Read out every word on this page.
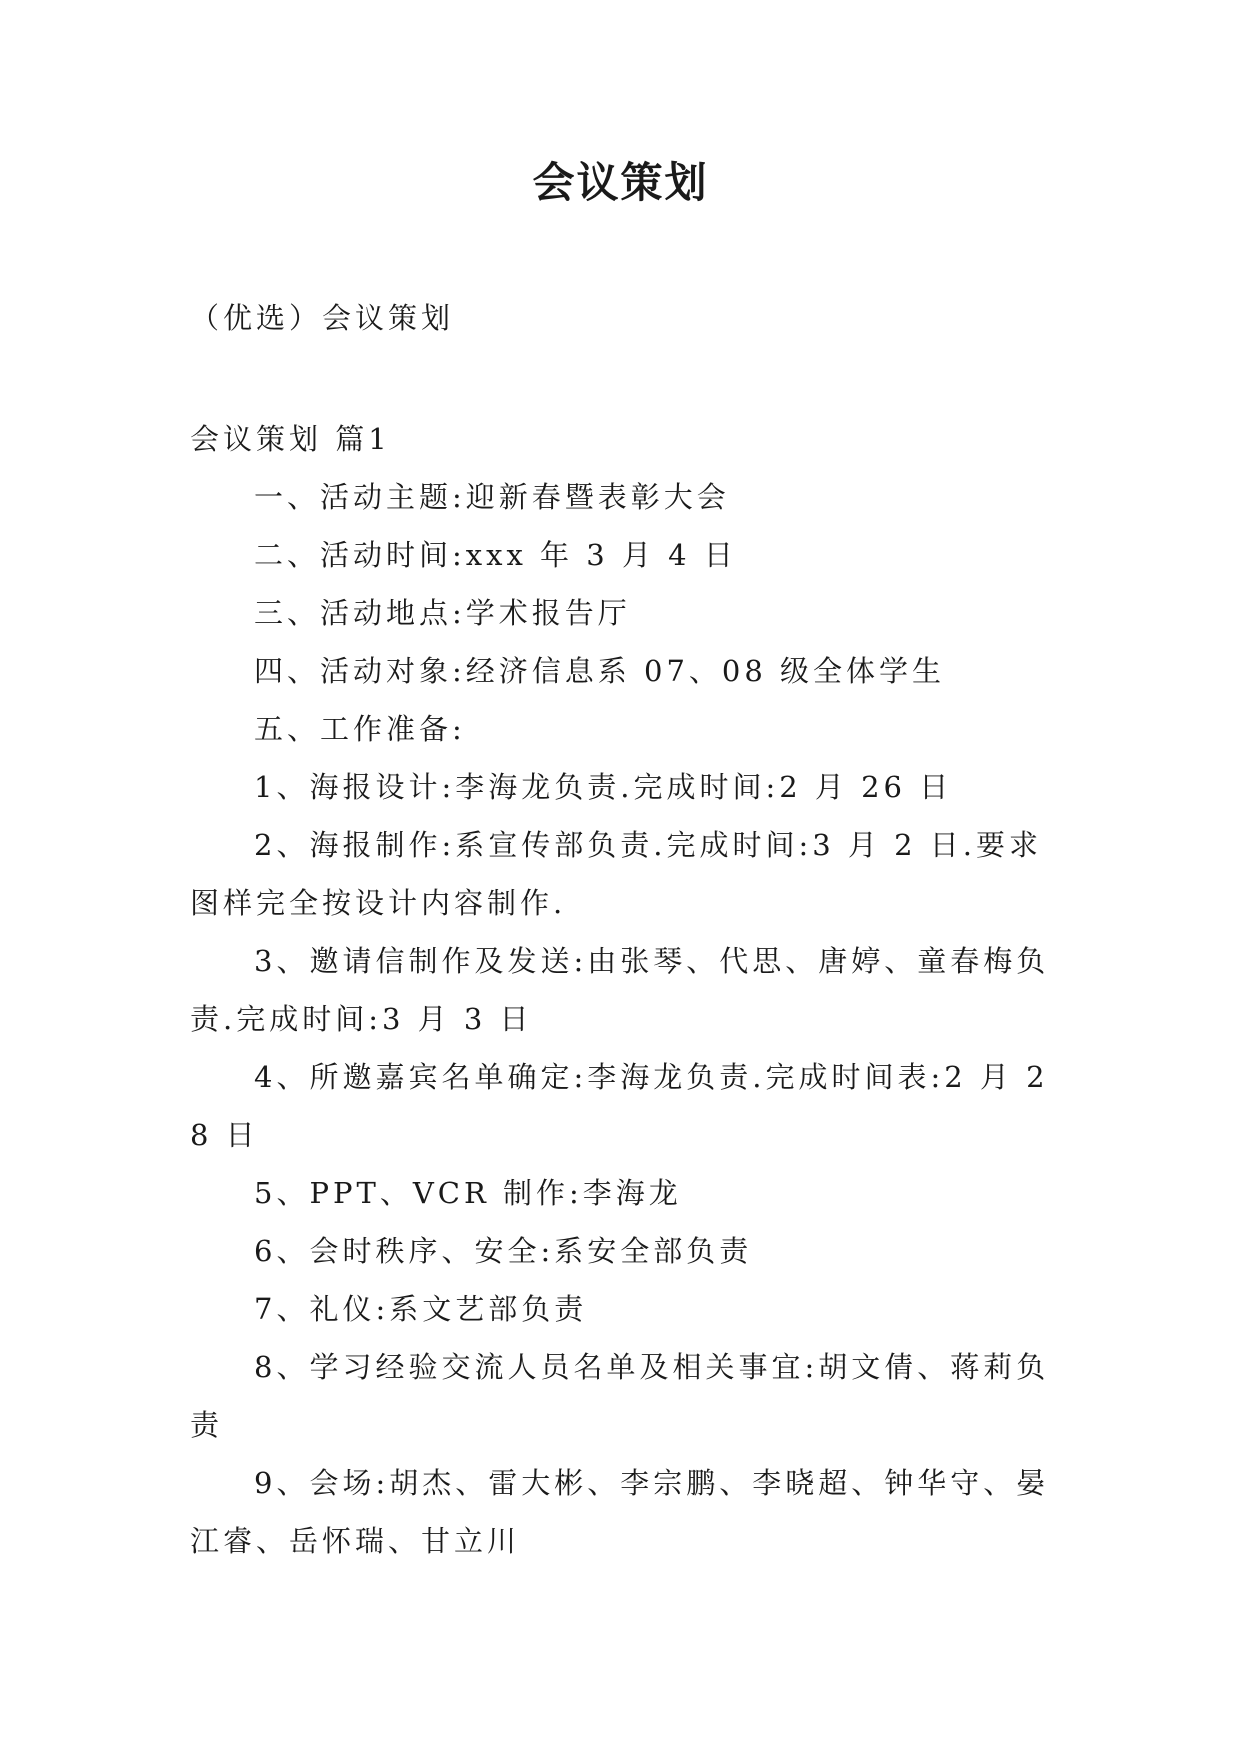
会议策划
（优选）会议策划

会议策划 篇1

一、活动主题:迎新春暨表彰大会

二、活动时间:xxx 年 3 月 4 日

三、活动地点:学术报告厅

四、活动对象:经济信息系 07、08 级全体学生

五、工作准备:

1、海报设计:李海龙负责.完成时间:2 月 26 日

2、海报制作:系宣传部负责.完成时间:3 月 2 日.要求图样完全按设计内容制作.

3、邀请信制作及发送:由张琴、代思、唐婷、童春梅负责.完成时间:3 月 3 日

4、所邀嘉宾名单确定:李海龙负责.完成时间表:2 月 28 日

5、PPT、VCR 制作:李海龙

6、会时秩序、安全:系安全部负责

7、礼仪:系文艺部负责

8、学习经验交流人员名单及相关事宜:胡文倩、蒋莉负责

9、会场:胡杰、雷大彬、李宗鹏、李晓超、钟华守、晏江睿、岳怀瑞、甘立川
